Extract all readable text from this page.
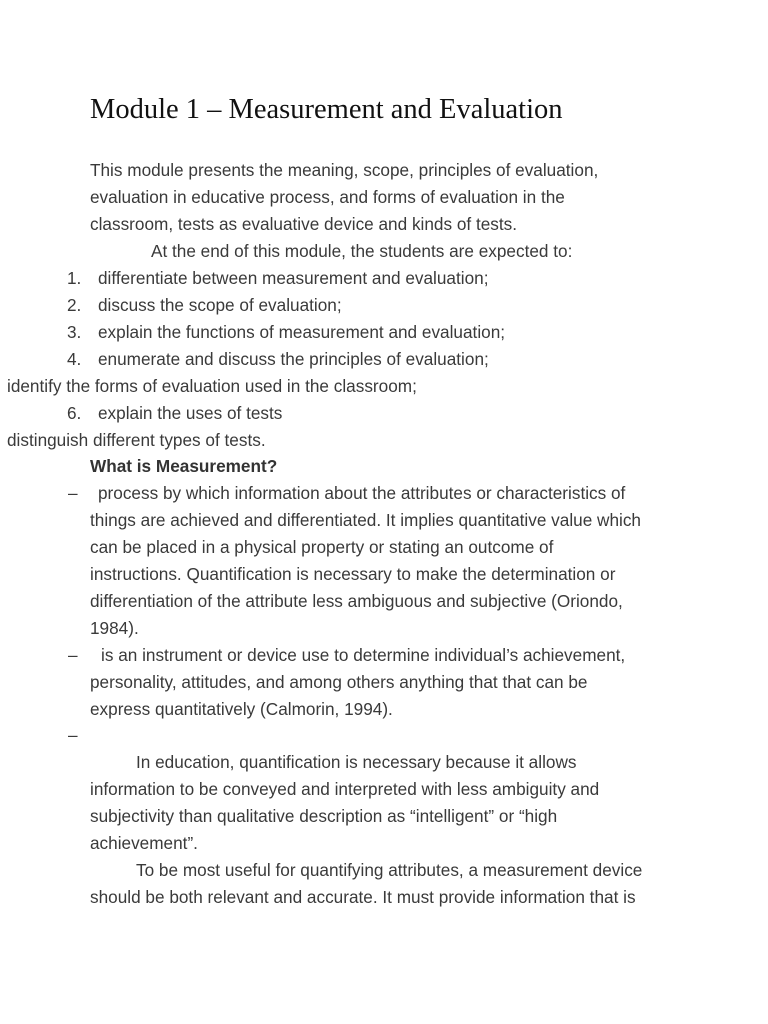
Module 1 – Measurement and Evaluation
This module presents the meaning, scope, principles of evaluation,
evaluation in educative process, and forms of evaluation in the
classroom, tests as evaluative device and kinds of tests.
At the end of this module, the students are expected to:
1. differentiate between measurement and evaluation;
2. discuss the scope of evaluation;
3. explain the functions of measurement and evaluation;
4. enumerate and discuss the principles of evaluation;
identify the forms of evaluation used in the classroom;
6. explain the uses of tests
distinguish different types of tests.
What is Measurement?
– process by which information about the attributes or characteristics of
things are achieved and differentiated. It implies quantitative value which
can be placed in a physical property or stating an outcome of
instructions. Quantification is necessary to make the determination or
differentiation of the attribute less ambiguous and subjective (Oriondo,
1984).
– is an instrument or device use to determine individual’s achievement,
personality, attitudes, and among others anything that that can be
express quantitatively (Calmorin, 1994).
–
In education, quantification is necessary because it allows
information to be conveyed and interpreted with less ambiguity and
subjectivity than qualitative description as “intelligent” or “high
achievement”.
To be most useful for quantifying attributes, a measurement device
should be both relevant and accurate. It must provide information that is
